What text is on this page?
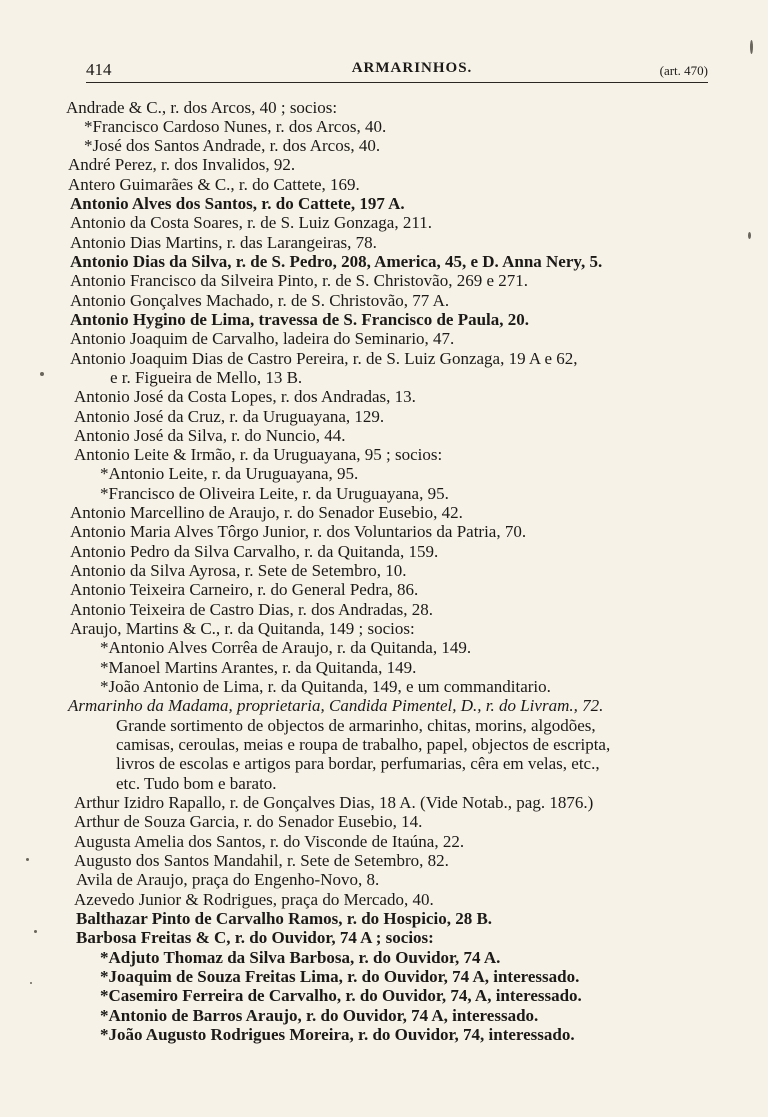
414	ARMARINHOS.	(art. 470)
Andrade & C., r. dos Arcos, 40 ; socios:
*Francisco Cardoso Nunes, r. dos Arcos, 40.
*José dos Santos Andrade, r. dos Arcos, 40.
André Perez, r. dos Invalidos, 92.
Antero Guimarães & C., r. do Cattete, 169.
Antonio Alves dos Santos, r. do Cattete, 197 A.
Antonio da Costa Soares, r. de S. Luiz Gonzaga, 211.
Antonio Dias Martins, r. das Larangeiras, 78.
Antonio Dias da Silva, r. de S. Pedro, 208, America, 45, e D. Anna Nery, 5.
Antonio Francisco da Silveira Pinto, r. de S. Christovão, 269 e 271.
Antonio Gonçalves Machado, r. de S. Christovão, 77 A.
Antonio Hygino de Lima, travessa de S. Francisco de Paula, 20.
Antonio Joaquim de Carvalho, ladeira do Seminario, 47.
Antonio Joaquim Dias de Castro Pereira, r. de S. Luiz Gonzaga, 19 A e 62,
e r. Figueira de Mello, 13 B.
Antonio José da Costa Lopes, r. dos Andradas, 13.
Antonio José da Cruz, r. da Uruguayana, 129.
Antonio José da Silva, r. do Nuncio, 44.
Antonio Leite & Irmão, r. da Uruguayana, 95 ; socios:
*Antonio Leite, r. da Uruguayana, 95.
*Francisco de Oliveira Leite, r. da Uruguayana, 95.
Antonio Marcellino de Araujo, r. do Senador Eusebio, 42.
Antonio Maria Alves Tôrgo Junior, r. dos Voluntarios da Patria, 70.
Antonio Pedro da Silva Carvalho, r. da Quitanda, 159.
Antonio da Silva Ayrosa, r. Sete de Setembro, 10.
Antonio Teixeira Carneiro, r. do General Pedra, 86.
Antonio Teixeira de Castro Dias, r. dos Andradas, 28.
Araujo, Martins & C., r. da Quitanda, 149 ; socios:
*Antonio Alves Corrêa de Araujo, r. da Quitanda, 149.
*Manoel Martins Arantes, r. da Quitanda, 149.
*João Antonio de Lima, r. da Quitanda, 149, e um commanditario.
Armarinho da Madama, proprietaria, Candida Pimentel, D., r. do Livram., 72.
Grande sortimento de objectos de armarinho, chitas, morins, algodões,
camisas, ceroulas, meias e roupa de trabalho, papel, objectos de escripta,
livros de escolas e artigos para bordar, perfumarias, cêra em velas, etc.,
etc. Tudo bom e barato.
Arthur Izidro Rapallo, r. de Gonçalves Dias, 18 A. (Vide Notab., pag. 1876.)
Arthur de Souza Garcia, r. do Senador Eusebio, 14.
Augusta Amelia dos Santos, r. do Visconde de Itaúna, 22.
Augusto dos Santos Mandahil, r. Sete de Setembro, 82.
Avila de Araujo, praça do Engenho-Novo, 8.
Azevedo Junior & Rodrigues, praça do Mercado, 40.
Balthazar Pinto de Carvalho Ramos, r. do Hospicio, 28 B.
Barbosa Freitas & C, r. do Ouvidor, 74 A ; socios:
*Adjuto Thomaz da Silva Barbosa, r. do Ouvidor, 74 A.
*Joaquim de Souza Freitas Lima, r. do Ouvidor, 74 A, interessado.
*Casemiro Ferreira de Carvalho, r. do Ouvidor, 74, A, interessado.
*Antonio de Barros Araujo, r. do Ouvidor, 74 A, interessado.
*João Augusto Rodrigues Moreira, r. do Ouvidor, 74, interessado.
